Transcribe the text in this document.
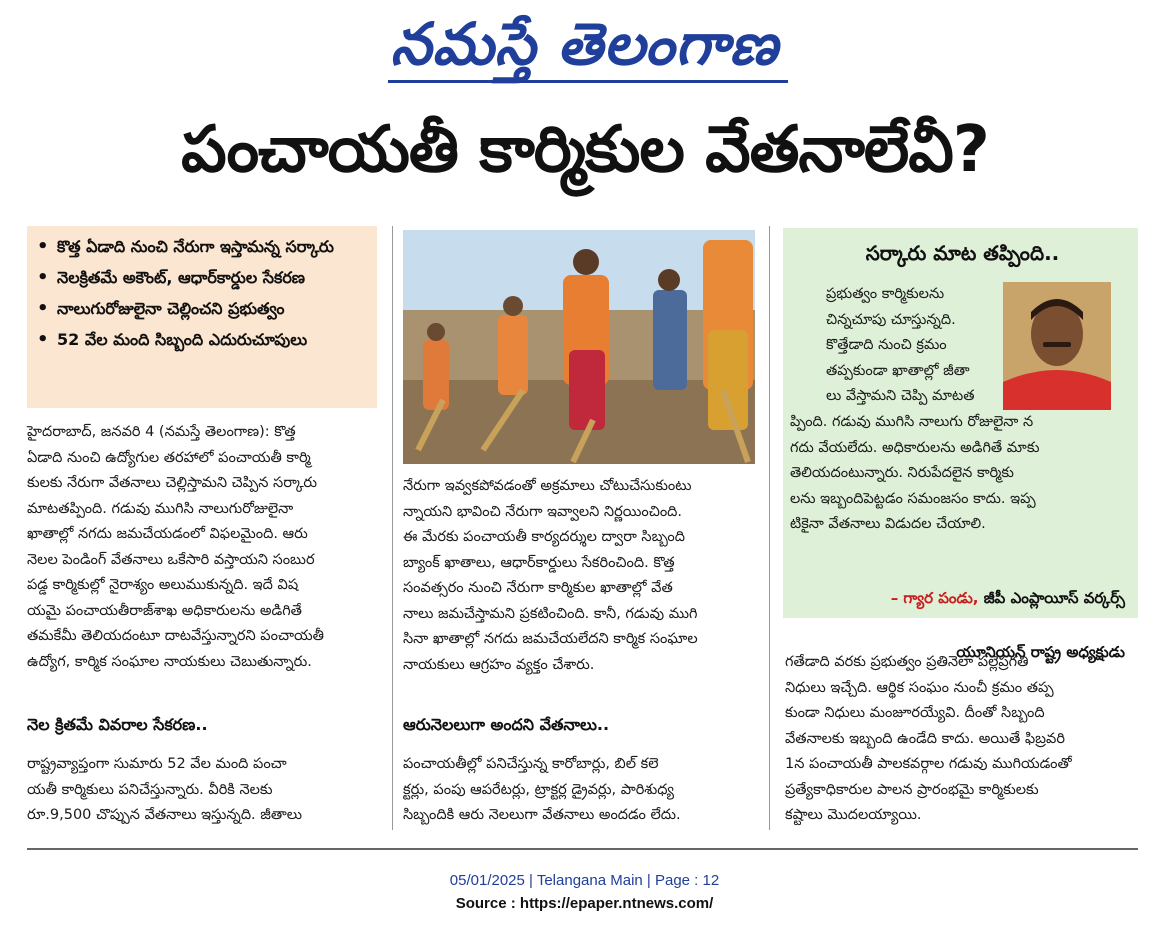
నమస్తే తెలంగాణ
పంచాయతీ కార్మికుల వేతనాలేవీ?
• కొత్త ఏడాది నుంచి నేరుగా ఇస్తామన్న సర్కారు
• నెలక్రితమే అకౌంట్, ఆధార్‌కార్డుల సేకరణ
• నాలుగురోజులైనా చెల్లించని ప్రభుత్వం
• 52 వేల మంది సిబ్బంది ఎదురుచూపులు
హైదరాబాద్, జనవరి 4 (నమస్తే తెలంగాణ): కొత్త
ఏడాది నుంచి ఉద్యోగుల తరహాలో పంచాయతీ కార్మి
కులకు నేరుగా వేతనాలు చెల్లిస్తామని చెప్పిన సర్కారు
మాటతప్పింది. గడువు ముగిసి నాలుగురోజులైనా
ఖాతాల్లో నగదు జమచేయడంలో విఫలమైంది. ఆరు
నెలల పెండింగ్ వేతనాలు ఒకేసారి వస్తాయని సంబుర
పడ్డ కార్మికుల్లో నైరాశ్యం అలుముకున్నది. ఇదే విష
యమై పంచాయతీరాజ్‌శాఖ అధికారులను అడిగితే
తమకేమీ తెలియదంటూ దాటవేస్తున్నారని పంచాయతీ
ఉద్యోగ, కార్మిక సంఘాల నాయకులు చెబుతున్నారు.
నెల క్రితమే వివరాల సేకరణ..
రాష్ట్రవ్యాప్తంగా సుమారు 52 వేల మంది పంచా
యతీ కార్మికులు పనిచేస్తున్నారు. వీరికి నెలకు
రూ.9,500 చొప్పున వేతనాలు ఇస్తున్నది. జీతాలు
నేరుగా ఇవ్వకపోవడంతో అక్రమాలు చోటుచేసుకుంటు
న్నాయని భావించి నేరుగా ఇవ్వాలని నిర్ణయించింది.
ఈ మేరకు పంచాయతీ కార్యదర్శుల ద్వారా సిబ్బంది
బ్యాంక్ ఖాతాలు, ఆధార్‌కార్డులు సేకరించింది. కొత్త
సంవత్సరం నుంచి నేరుగా కార్మికుల ఖాతాల్లో వేత
నాలు జమచేస్తామని ప్రకటించింది. కానీ, గడువు ముగి
సినా ఖాతాల్లో నగదు జమచేయలేదని కార్మిక సంఘాల
నాయకులు ఆగ్రహం వ్యక్తం చేశారు.
ఆరునెలలుగా అందని వేతనాలు..
పంచాయతీల్లో పనిచేస్తున్న కారోబార్లు, బిల్ కలె
క్టర్లు, పంపు ఆపరేటర్లు, ట్రాక్టర్ల డ్రైవర్లు, పారిశుధ్య
సిబ్బందికి ఆరు నెలలుగా వేతనాలు అందడం లేదు.
సర్కారు మాట తప్పింది..
ప్రభుత్వం కార్మికులను
చిన్నచూపు చూస్తున్నది.
కొత్తేడాది నుంచి క్రమం
తప్పకుండా ఖాతాల్లో జీతా
లు వేస్తామని చెప్పి మాటత
ప్పింది. గడువు ముగిసి నాలుగు రోజులైనా న
గదు వేయలేదు. అధికారులను అడిగితే మాకు
తెలియదంటున్నారు. నిరుపేదలైన కార్మికు
లను ఇబ్బందిపెట్టడం సమంజసం కాదు. ఇప్ప
టికైనా వేతనాలు విడుదల చేయాలి.

– గ్యార పండు, జీపీ ఎంప్లాయీస్ వర్కర్స్

యూనియన్ రాష్ట్ర అధ్యక్షుడు

గతేడాది వరకు ప్రభుత్వం ప్రతినెలా పల్లెప్రగతి
నిధులు ఇచ్చేది. ఆర్థిక సంఘం నుంచీ క్రమం తప్ప
కుండా నిధులు మంజూరయ్యేవి. దీంతో సిబ్బంది
వేతనాలకు ఇబ్బంది ఉండేది కాదు. అయితే ఫిబ్రవరి
1న పంచాయతీ పాలకవర్గాల గడువు ముగియడంతో
ప్రత్యేకాధికారుల పాలన ప్రారంభమై కార్మికులకు
కష్టాలు మొదలయ్యాయి.
05/01/2025 | Telangana Main | Page : 12
Source : https://epaper.ntnews.com/
